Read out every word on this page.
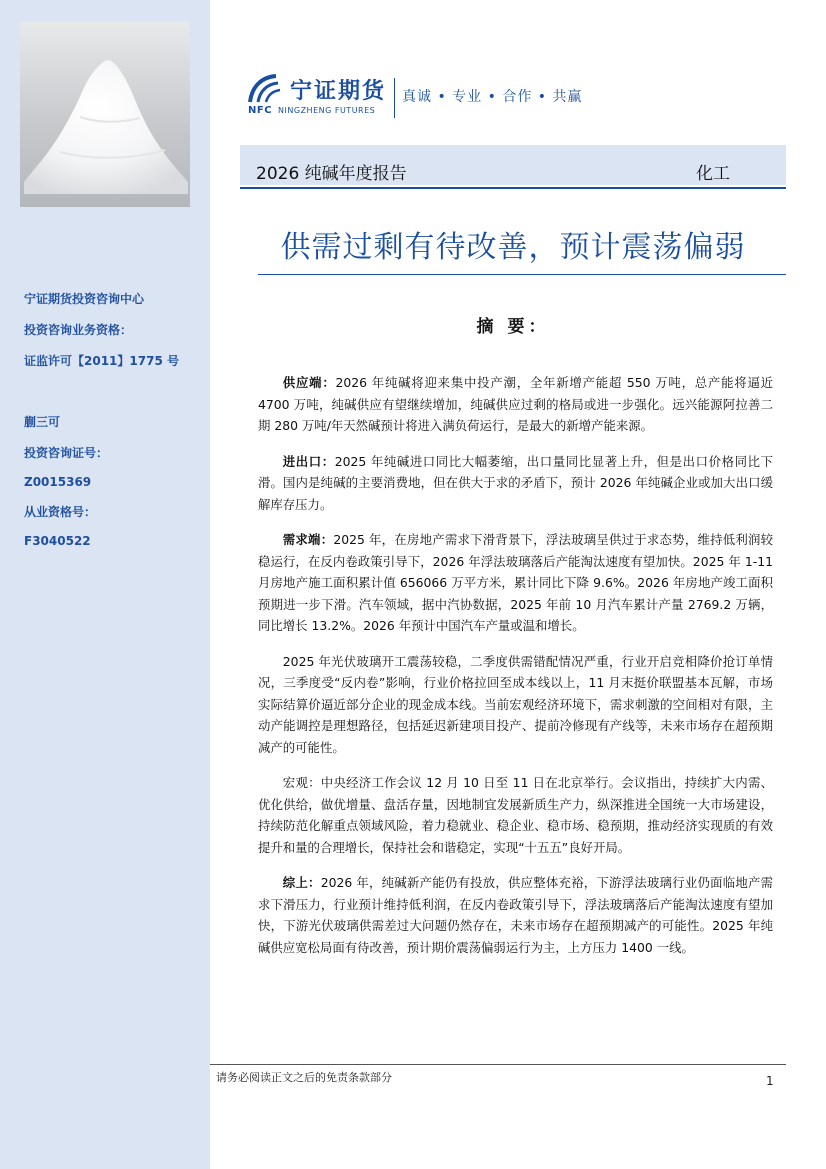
宁证期货投资咨询中心

投资咨询业务资格：

证监许可【2011】1775 号

蒯三可

投资咨询证号：

Z0015369

从业资格号：

F3040522

宁证期货
NFC NINGZHENG FUTURES
真诚 • 专业 • 合作 • 共赢
2026 纯碱年度报告	化工
供需过剩有待改善，预计震荡偏弱
摘 要：

供应端：2026 年纯碱将迎来集中投产潮，全年新增产能超 550 万吨，总产能将逼近 4700 万吨，纯碱供应有望继续增加，纯碱供应过剩的格局或进一步强化。远兴能源阿拉善二期 280 万吨/年天然碱预计将进入满负荷运行，是最大的新增产能来源。

进出口：2025 年纯碱进口同比大幅萎缩，出口量同比显著上升，但是出口价格同比下滑。国内是纯碱的主要消费地，但在供大于求的矛盾下，预计 2026 年纯碱企业或加大出口缓解库存压力。

需求端：2025 年，在房地产需求下滑背景下，浮法玻璃呈供过于求态势，维持低利润较稳运行，在反内卷政策引导下，2026 年浮法玻璃落后产能淘汰速度有望加快。2025 年 1-11 月房地产施工面积累计值 656066 万平方米，累计同比下降 9.6%。2026 年房地产竣工面积预期进一步下滑。汽车领域，据中汽协数据，2025 年前 10 月汽车累计产量 2769.2 万辆，同比增长 13.2%。2026 年预计中国汽车产量或温和增长。

2025 年光伏玻璃开工震荡较稳，二季度供需错配情况严重，行业开启竞相降价抢订单情况，三季度受“反内卷”影响，行业价格拉回至成本线以上，11 月末挺价联盟基本瓦解，市场实际结算价逼近部分企业的现金成本线。当前宏观经济环境下，需求刺激的空间相对有限，主动产能调控是理想路径，包括延迟新建项目投产、提前冷修现有产线等，未来市场存在超预期减产的可能性。

宏观：中央经济工作会议 12 月 10 日至 11 日在北京举行。会议指出，持续扩大内需、优化供给，做优增量、盘活存量，因地制宜发展新质生产力，纵深推进全国统一大市场建设，持续防范化解重点领域风险，着力稳就业、稳企业、稳市场、稳预期，推动经济实现质的有效提升和量的合理增长，保持社会和谐稳定，实现“十五五”良好开局。

综上：2026 年，纯碱新产能仍有投放，供应整体充裕，下游浮法玻璃行业仍面临地产需求下滑压力，行业预计维持低利润，在反内卷政策引导下，浮法玻璃落后产能淘汰速度有望加快，下游光伏玻璃供需差过大问题仍然存在，未来市场存在超预期减产的可能性。2025 年纯碱供应宽松局面有待改善，预计期价震荡偏弱运行为主，上方压力 1400 一线。

请务必阅读正文之后的免责条款部分	1
